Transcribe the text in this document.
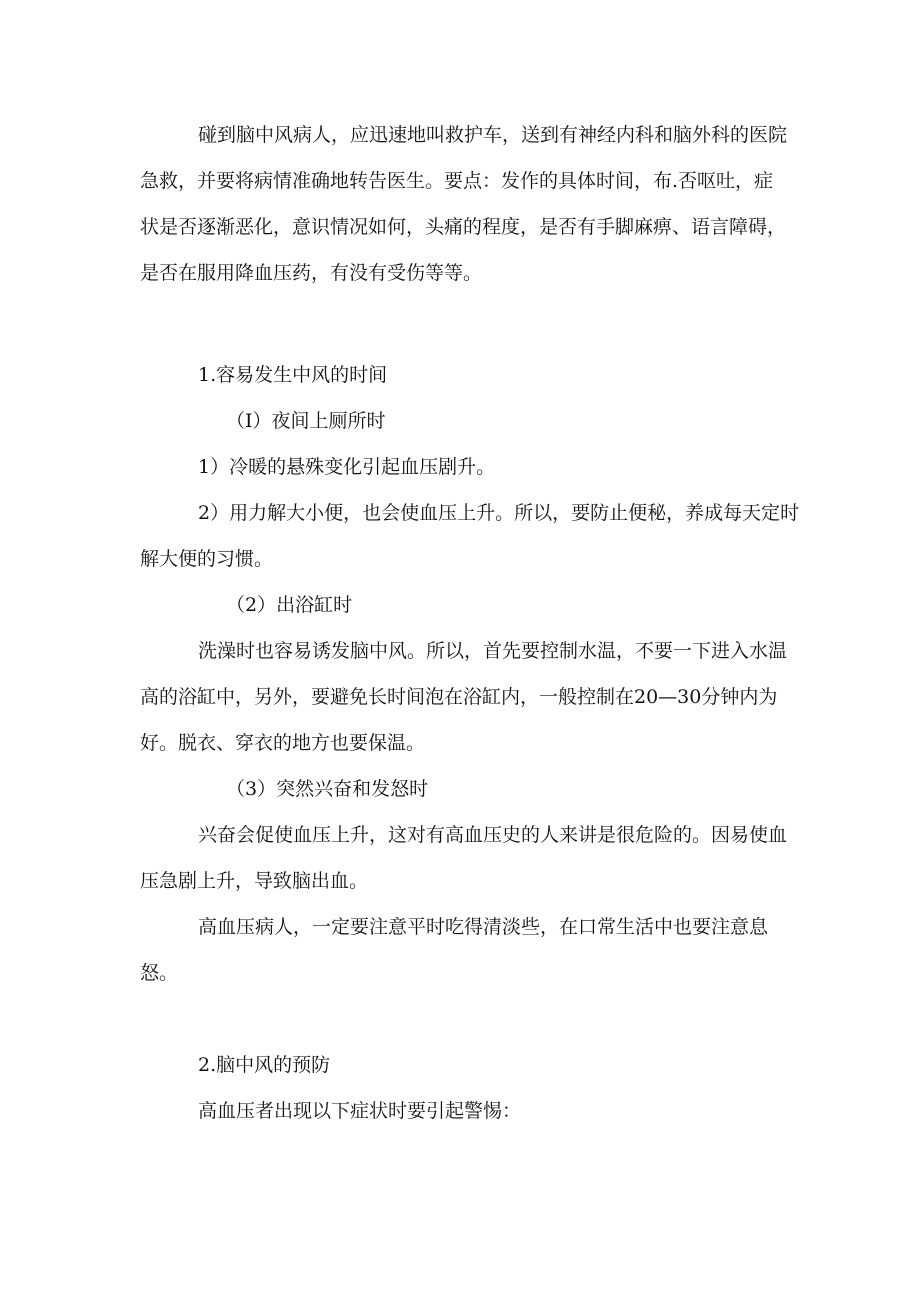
碰到脑中风病人，应迅速地叫救护车，送到有神经内科和脑外科的医院急救，并要将病情准确地转告医生。要点：发作的具体时间，布.否呕吐，症状是否逐渐恶化，意识情况如何，头痛的程度，是否有手脚麻痹、语言障碍，是否在服用降血压药，有没有受伤等等。

1.容易发生中风的时间

（I）夜间上厕所时

1）冷暖的悬殊变化引起血压剧升。

2）用力解大小便，也会使血压上升。所以，要防止便秘，养成每天定时解大便的习惯。

（2）出浴缸时

洗澡时也容易诱发脑中风。所以，首先要控制水温，不要一下进入水温高的浴缸中，另外，要避免长时间泡在浴缸内，一般控制在20—30分钟内为好。脱衣、穿衣的地方也要保温。

（3）突然兴奋和发怒时

兴奋会促使血压上升，这对有高血压史的人来讲是很危险的。因易使血压急剧上升，导致脑出血。

高血压病人，一定要注意平时吃得清淡些，在口常生活中也要注意息怒。

2.脑中风的预防

高血压者出现以下症状时要引起警惕：
